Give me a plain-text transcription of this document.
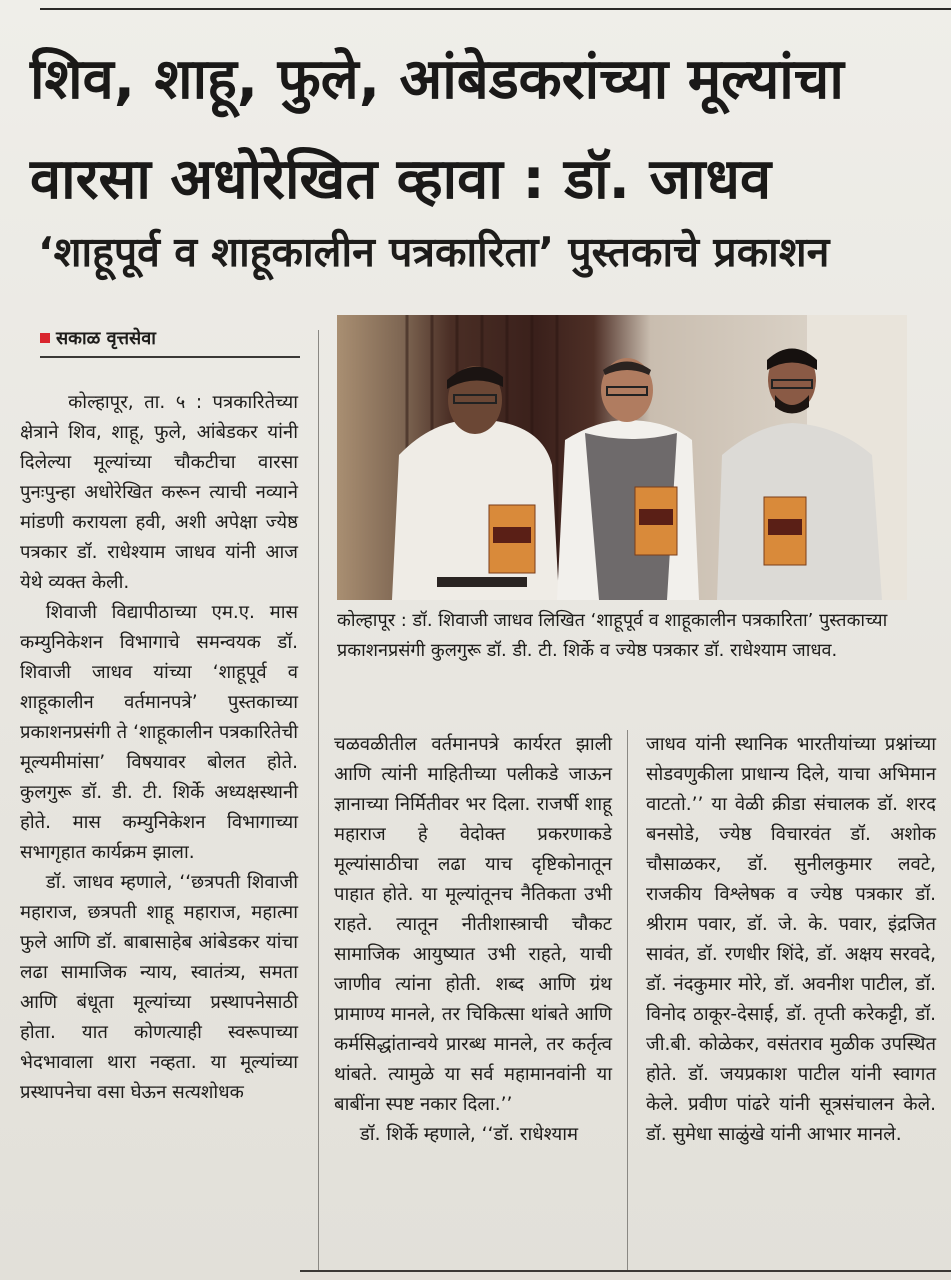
शिव, शाहू, फुले, आंबेडकरांच्या मूल्यांचा
वारसा अधोरेखित व्हावा : डॉ. जाधव
‘शाहूपूर्व व शाहूकालीन पत्रकारिता’ पुस्तकाचे प्रकाशन
सकाळ वृत्तसेवा

कोल्हापूर, ता. ५ : पत्रकारितेच्या क्षेत्राने शिव, शाहू, फुले, आंबेडकर यांनी दिलेल्या मूल्यांच्या चौकटीचा वारसा पुनःपुन्हा अधोरेखित करून त्याची नव्याने मांडणी करायला हवी, अशी अपेक्षा ज्येष्ठ पत्रकार डॉ. राधेश्याम जाधव यांनी आज येथे व्यक्त केली.

शिवाजी विद्यापीठाच्या एम.ए. मास कम्युनिकेशन विभागाचे समन्वयक डॉ. शिवाजी जाधव यांच्या ‘शाहूपूर्व व शाहूकालीन वर्तमानपत्रे’ पुस्तकाच्या प्रकाशनप्रसंगी ते ‘शाहूकालीन पत्रकारितेची मूल्यमीमांसा’ विषयावर बोलत होते. कुलगुरू डॉ. डी. टी. शिर्के अध्यक्षस्थानी होते. मास कम्युनिकेशन विभागाच्या सभागृहात कार्यक्रम झाला.

डॉ. जाधव म्हणाले, ‘‘छत्रपती शिवाजी महाराज, छत्रपती शाहू महाराज, महात्मा फुले आणि डॉ. बाबासाहेब आंबेडकर यांचा लढा सामाजिक न्याय, स्वातंत्र्य, समता आणि बंधूता मूल्यांच्या प्रस्थापनेसाठी होता. यात कोणत्याही स्वरूपाच्या भेदभावाला थारा नव्हता. या मूल्यांच्या प्रस्थापनेचा वसा घेऊन सत्यशोधक

कोल्हापूर : डॉ. शिवाजी जाधव लिखित ‘शाहूपूर्व व शाहूकालीन पत्रकारिता’ पुस्तकाच्या प्रकाशनप्रसंगी कुलगुरू डॉ. डी. टी. शिर्के व ज्येष्ठ पत्रकार डॉ. राधेश्याम जाधव.

चळवळीतील वर्तमानपत्रे कार्यरत झाली आणि त्यांनी माहितीच्या पलीकडे जाऊन ज्ञानाच्या निर्मितीवर भर दिला. राजर्षी शाहू महाराज हे वेदोक्त प्रकरणाकडे मूल्यांसाठीचा लढा याच दृष्टिकोनातून पाहात होते. या मूल्यांतूनच नैतिकता उभी राहते. त्यातून नीतीशास्त्राची चौकट सामाजिक आयुष्यात उभी राहते, याची जाणीव त्यांना होती. शब्द आणि ग्रंथ प्रामाण्य मानले, तर चिकित्सा थांबते आणि कर्मसिद्धांतान्वये प्रारब्ध मानले, तर कर्तृत्व थांबते. त्यामुळे या सर्व महामानवांनी या बाबींना स्पष्ट नकार दिला.’’

डॉ. शिर्के म्हणाले, ‘‘डॉ. राधेश्याम

जाधव यांनी स्थानिक भारतीयांच्या प्रश्नांच्या सोडवणुकीला प्राधान्य दिले, याचा अभिमान वाटतो.’’ या वेळी क्रीडा संचालक डॉ. शरद बनसोडे, ज्येष्ठ विचारवंत डॉ. अशोक चौसाळकर, डॉ. सुनीलकुमार लवटे, राजकीय विश्लेषक व ज्येष्ठ पत्रकार डॉ. श्रीराम पवार, डॉ. जे. के. पवार, इंद्रजित सावंत, डॉ. रणधीर शिंदे, डॉ. अक्षय सरवदे, डॉ. नंदकुमार मोरे, डॉ. अवनीश पाटील, डॉ. विनोद ठाकूर-देसाई, डॉ. तृप्ती करेकट्टी, डॉ. जी.बी. कोळेकर, वसंतराव मुळीक उपस्थित होते. डॉ. जयप्रकाश पाटील यांनी स्वागत केले. प्रवीण पांढरे यांनी सूत्रसंचालन केले. डॉ. सुमेधा साळुंखे यांनी आभार मानले.
